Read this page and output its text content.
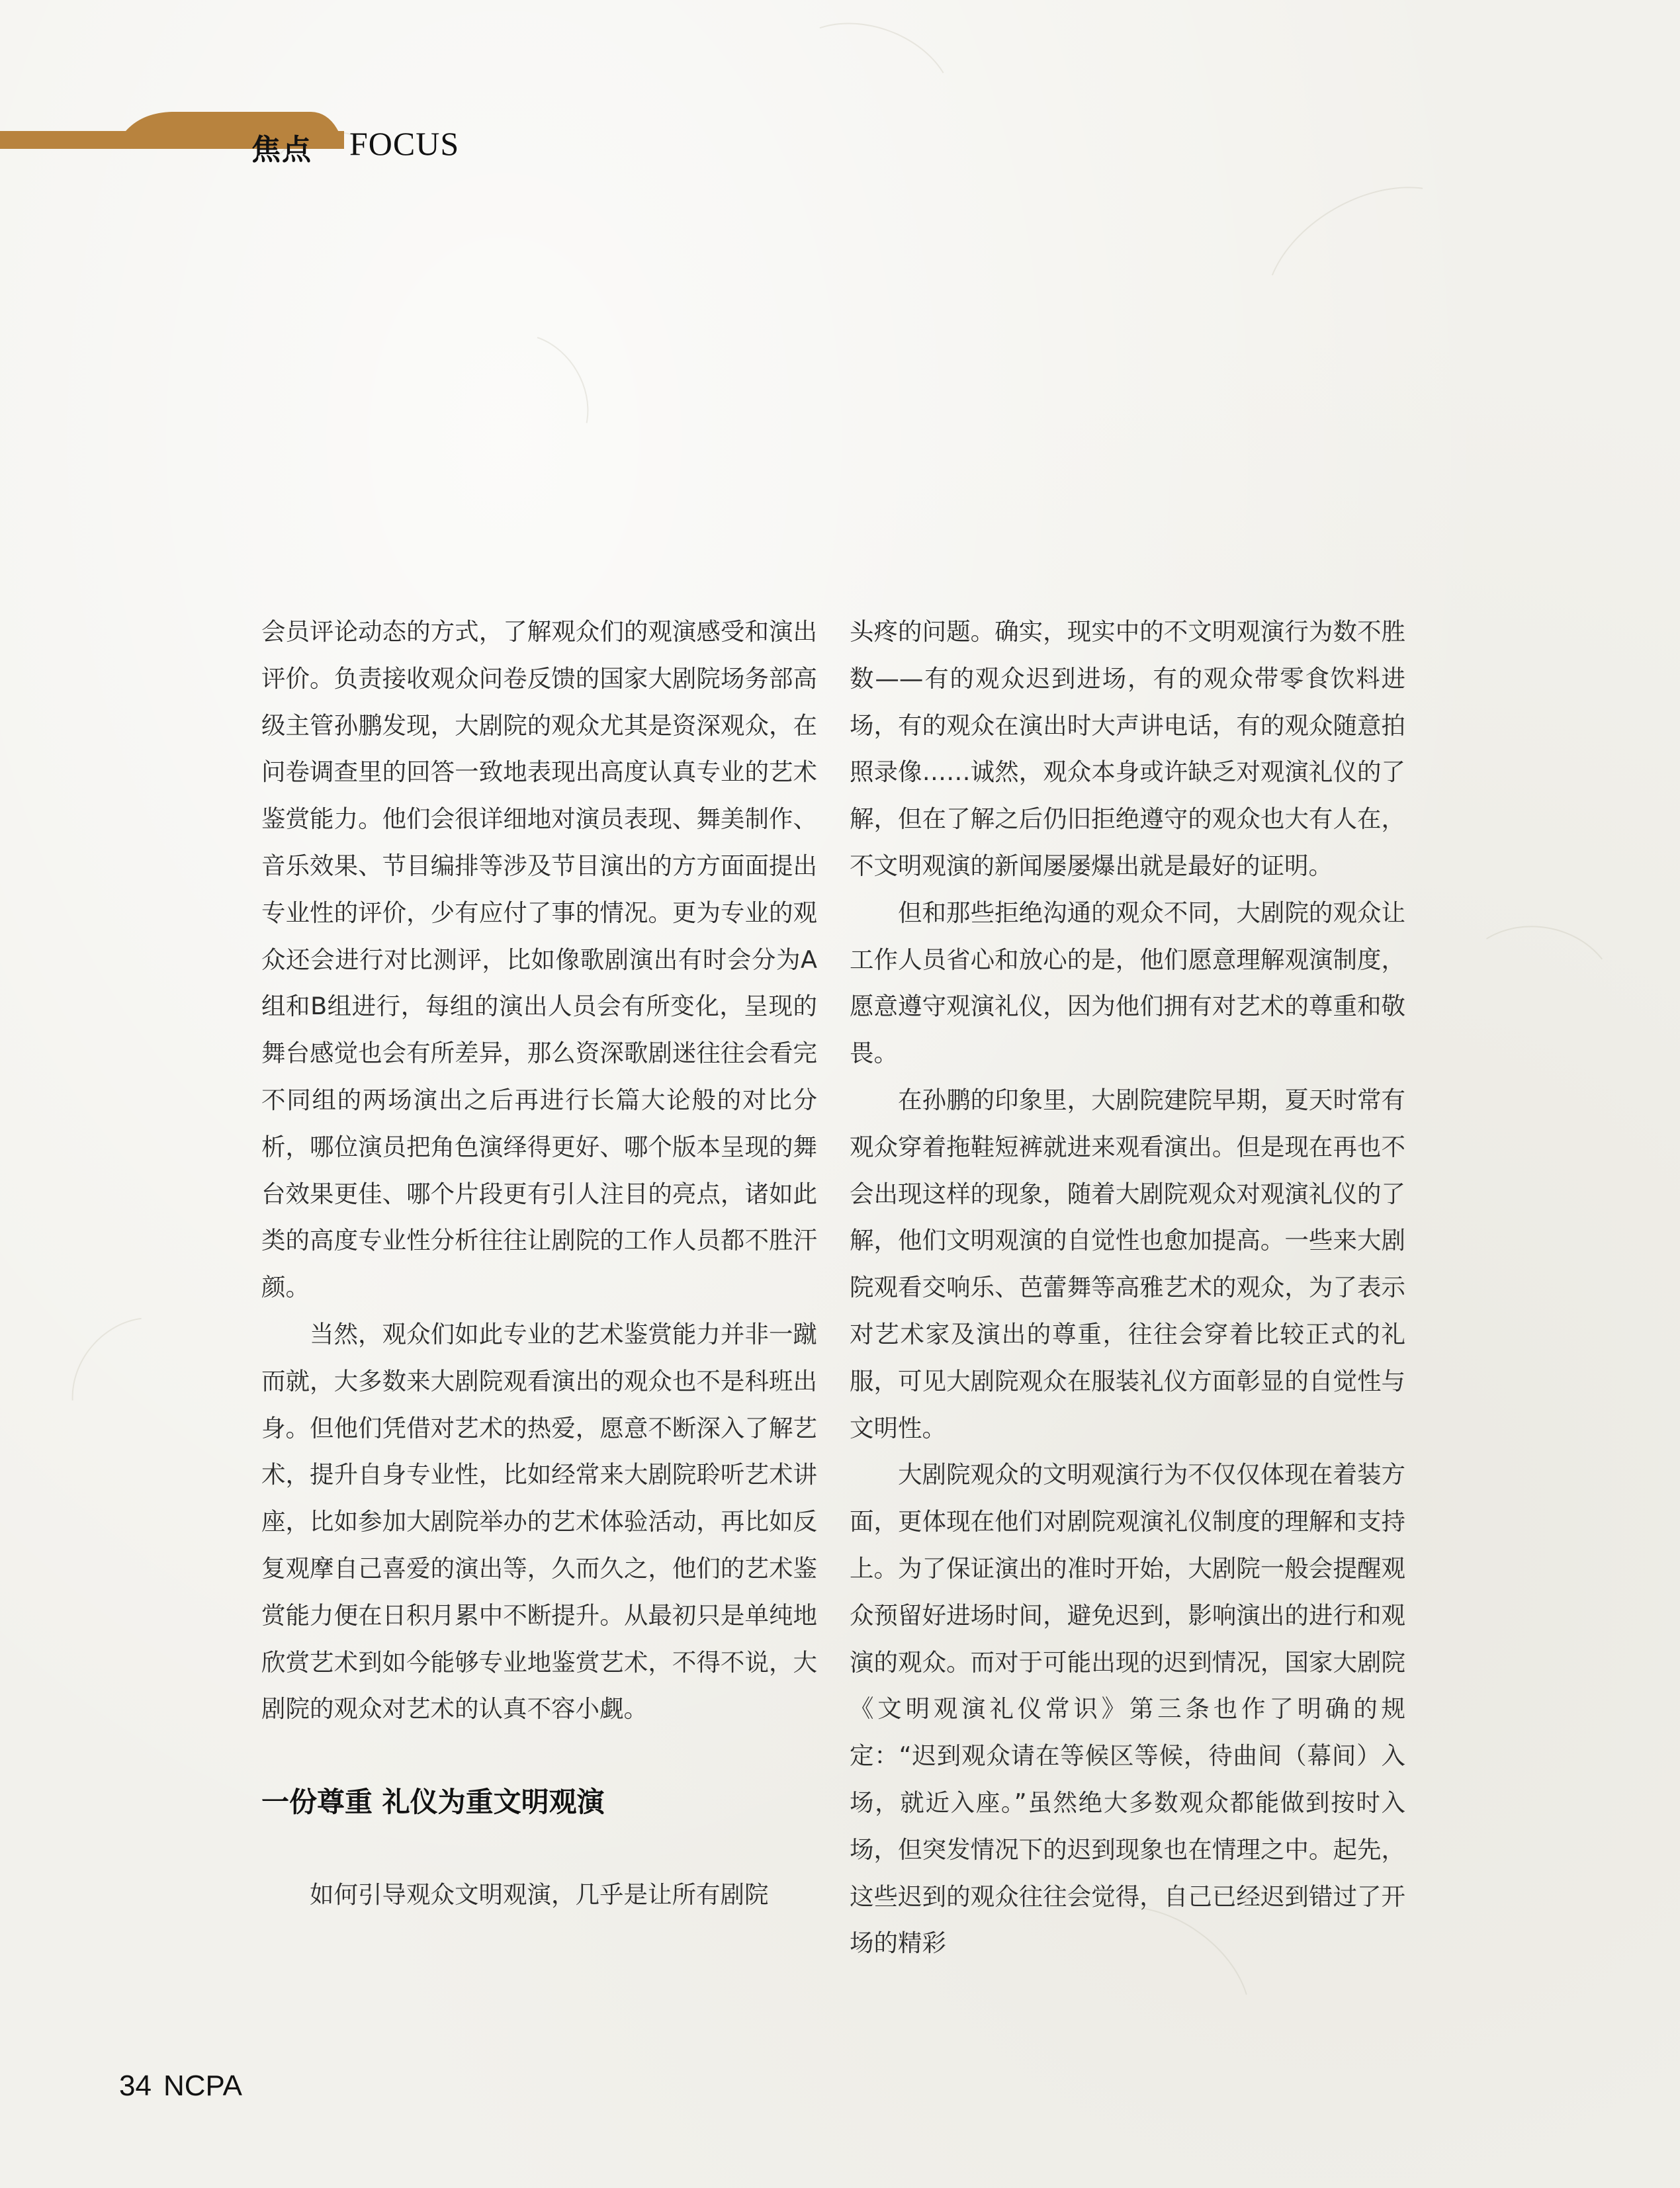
焦点 FOCUS

会员评论动态的方式，了解观众们的观演感受和演出评价。负责接收观众问卷反馈的国家大剧院场务部高级主管孙鹏发现，大剧院的观众尤其是资深观众，在问卷调查里的回答一致地表现出高度认真专业的艺术鉴赏能力。他们会很详细地对演员表现、舞美制作、音乐效果、节目编排等涉及节目演出的方方面面提出专业性的评价，少有应付了事的情况。更为专业的观众还会进行对比测评，比如像歌剧演出有时会分为A组和B组进行，每组的演出人员会有所变化，呈现的舞台感觉也会有所差异，那么资深歌剧迷往往会看完不同组的两场演出之后再进行长篇大论般的对比分析，哪位演员把角色演绎得更好、哪个版本呈现的舞台效果更佳、哪个片段更有引人注目的亮点，诸如此类的高度专业性分析往往让剧院的工作人员都不胜汗颜。

当然，观众们如此专业的艺术鉴赏能力并非一蹴而就，大多数来大剧院观看演出的观众也不是科班出身。但他们凭借对艺术的热爱，愿意不断深入了解艺术，提升自身专业性，比如经常来大剧院聆听艺术讲座，比如参加大剧院举办的艺术体验活动，再比如反复观摩自己喜爱的演出等，久而久之，他们的艺术鉴赏能力便在日积月累中不断提升。从最初只是单纯地欣赏艺术到如今能够专业地鉴赏艺术，不得不说，大剧院的观众对艺术的认真不容小觑。

一份尊重 礼仪为重文明观演

如何引导观众文明观演，几乎是让所有剧院

头疼的问题。确实，现实中的不文明观演行为数不胜数——有的观众迟到进场，有的观众带零食饮料进场，有的观众在演出时大声讲电话，有的观众随意拍照录像……诚然，观众本身或许缺乏对观演礼仪的了解，但在了解之后仍旧拒绝遵守的观众也大有人在，不文明观演的新闻屡屡爆出就是最好的证明。

但和那些拒绝沟通的观众不同，大剧院的观众让工作人员省心和放心的是，他们愿意理解观演制度，愿意遵守观演礼仪，因为他们拥有对艺术的尊重和敬畏。

在孙鹏的印象里，大剧院建院早期，夏天时常有观众穿着拖鞋短裤就进来观看演出。但是现在再也不会出现这样的现象，随着大剧院观众对观演礼仪的了解，他们文明观演的自觉性也愈加提高。一些来大剧院观看交响乐、芭蕾舞等高雅艺术的观众，为了表示对艺术家及演出的尊重，往往会穿着比较正式的礼服，可见大剧院观众在服装礼仪方面彰显的自觉性与文明性。

大剧院观众的文明观演行为不仅仅体现在着装方面，更体现在他们对剧院观演礼仪制度的理解和支持上。为了保证演出的准时开始，大剧院一般会提醒观众预留好进场时间，避免迟到，影响演出的进行和观演的观众。而对于可能出现的迟到情况，国家大剧院《文明观演礼仪常识》第三条也作了明确的规定：“迟到观众请在等候区等候，待曲间（幕间）入场，就近入座。”虽然绝大多数观众都能做到按时入场，但突发情况下的迟到现象也在情理之中。起先，这些迟到的观众往往会觉得，自己已经迟到错过了开场的精彩

34 NCPA
